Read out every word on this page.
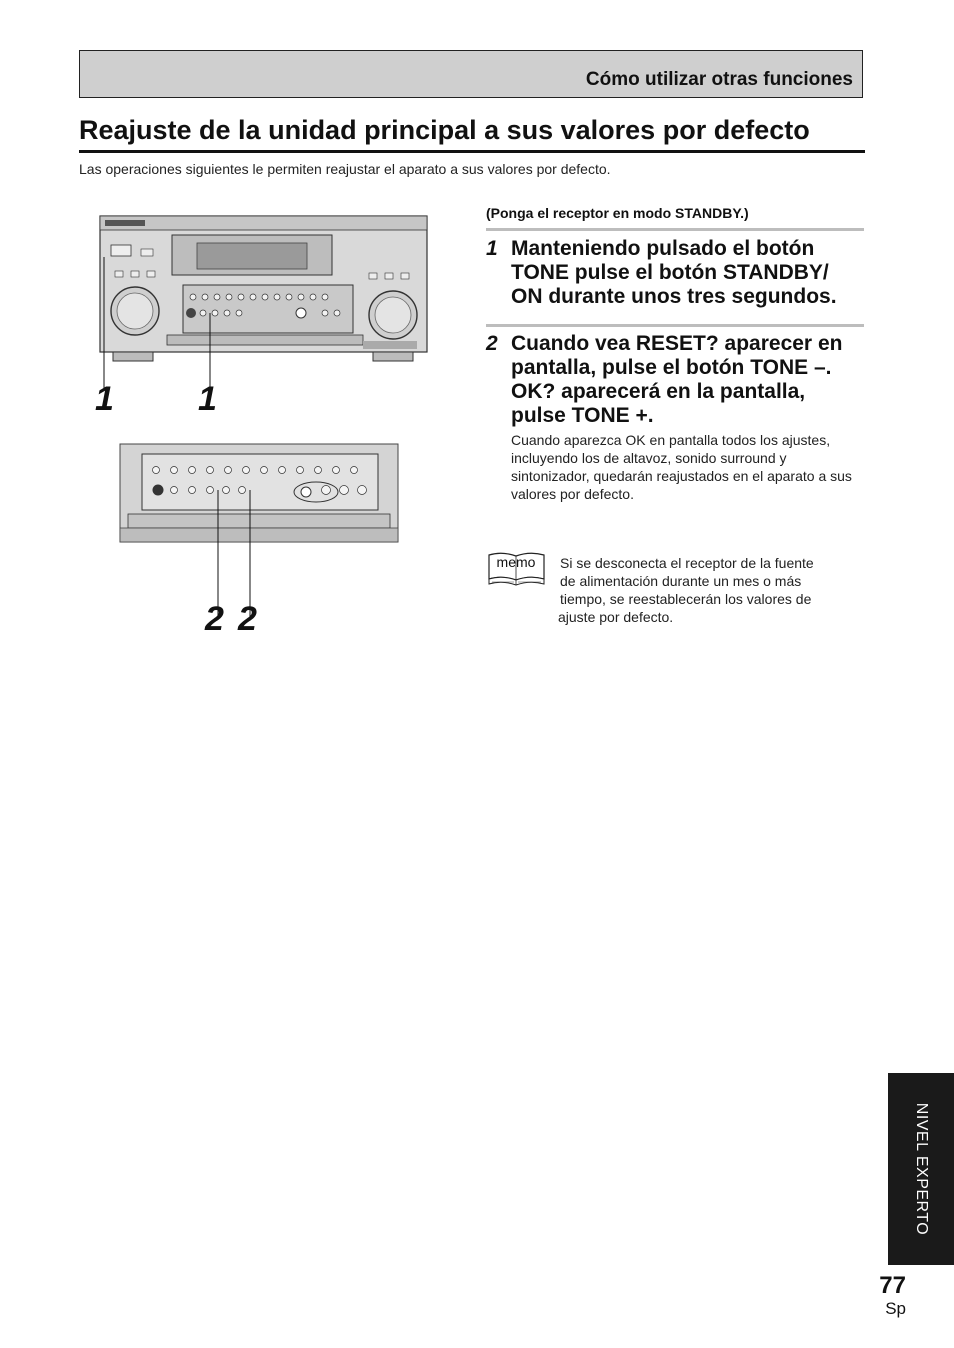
Cómo utilizar otras funciones
Reajuste de la unidad principal a sus valores por defecto
Las operaciones siguientes le permiten reajustar el aparato a sus valores por defecto.
1 1
2 2
(Ponga el receptor en modo STANDBY.)
1 Manteniendo pulsado el botón TONE pulse el botón STANDBY/ ON durante unos tres segundos.
2 Cuando vea RESET? aparecer en pantalla, pulse el botón TONE –. OK? aparecerá en la pantalla, pulse TONE +.
Cuando aparezca OK en pantalla todos los ajustes, incluyendo los de altavoz, sonido surround y sintonizador, quedarán reajustados en el aparato a sus valores por defecto.
memo Si se desconecta el receptor de la fuente
de alimentación durante un mes o más
tiempo, se reestablecerán los valores de
ajuste por defecto.
NIVEL EXPERTO
77
Sp
